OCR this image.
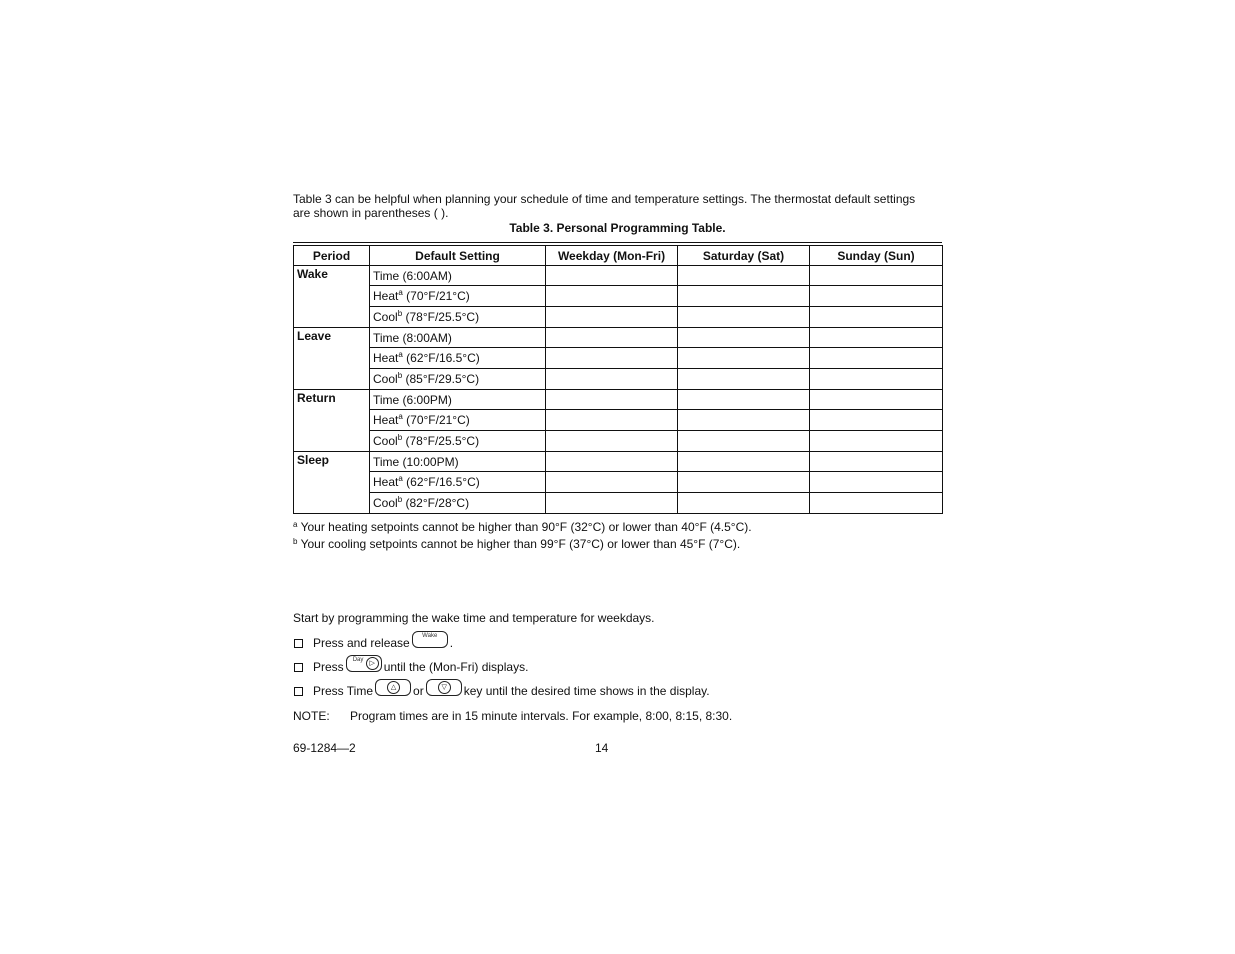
Table 3 can be helpful when planning your schedule of time and temperature settings. The thermostat default settings
are shown in parentheses ( ).

Table 3. Personal Programming Table.

Period	Default Setting	Weekday (Mon-Fri)	Saturday (Sat)	Sunday (Sun)
Wake	Time (6:00AM)			
	Heat$^a$ (70°F/21°C)			
	Cool$^b$ (78°F/25.5°C)			
Leave	Time (8:00AM)			
	Heat$^a$ (62°F/16.5°C)			
	Cool$^b$ (85°F/29.5°C)			
Return	Time (6:00PM)			
	Heat$^a$ (70°F/21°C)			
	Cool$^b$ (78°F/25.5°C)			
Sleep	Time (10:00PM)			
	Heat$^a$ (62°F/16.5°C)			
	Cool$^b$ (82°F/28°C)			
$^a$ Your heating setpoints cannot be higher than 90°F (32°C) or lower than 40°F (4.5°C).
$^b$ Your cooling setpoints cannot be higher than 99°F (37°C) or lower than 45°F (7°C).

Start by programming the wake time and temperature for weekdays.

Press and release
Wake
.
Press
Day
▷ until the (Mon-Fri) displays.
Press Time	△	or	▽	key until the desired time shows in the display.
NOTE:	Program times are in 15 minute intervals. For example, 8:00, 8:15, 8:30.
69-1284—2	14
